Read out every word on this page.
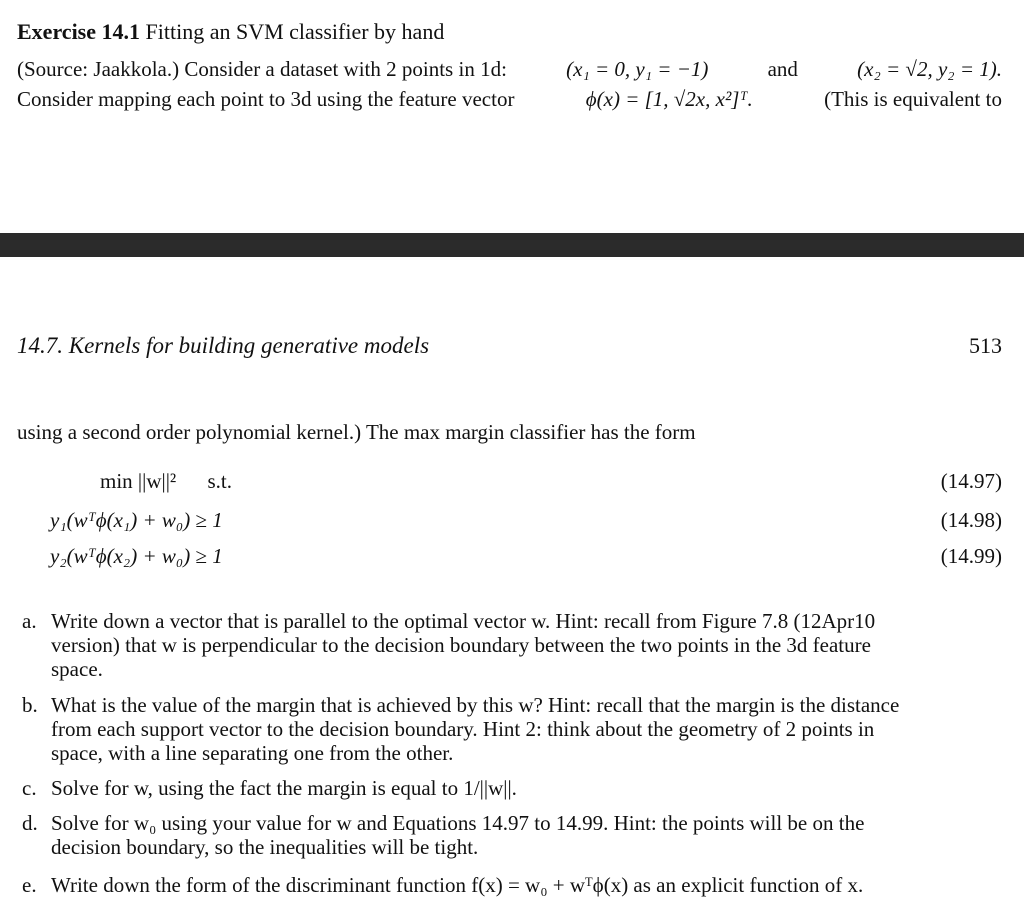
Exercise 14.1 Fitting an SVM classifier by hand
(Source: Jaakkola.) Consider a dataset with 2 points in 1d:	(x₁ = 0, y₁ = −1)	and	(x₂ = √2, y₂ = 1).
Consider mapping each point to 3d using the feature vector	ϕ(x) = [1, √2x, x²]ᵀ.	(This is equivalent to
14.7. Kernels for building generative models	513
using a second order polynomial kernel.) The max margin classifier has the form
min ||w||² s.t.	(14.97)
y₁(wᵀϕ(x₁) + w₀) ≥ 1	(14.98)
y₂(wᵀϕ(x₂) + w₀) ≥ 1	(14.99)
a. Write down a vector that is parallel to the optimal vector w. Hint: recall from Figure 7.8 (12Apr10
version) that w is perpendicular to the decision boundary between the two points in the 3d feature
space.
b. What is the value of the margin that is achieved by this w? Hint: recall that the margin is the distance
from each support vector to the decision boundary. Hint 2: think about the geometry of 2 points in
space, with a line separating one from the other.
c. Solve for w, using the fact the margin is equal to 1/||w||.
d. Solve for w₀ using your value for w and Equations 14.97 to 14.99. Hint: the points will be on the
decision boundary, so the inequalities will be tight.
e. Write down the form of the discriminant function f(x) = w₀ + wᵀϕ(x) as an explicit function of x.
